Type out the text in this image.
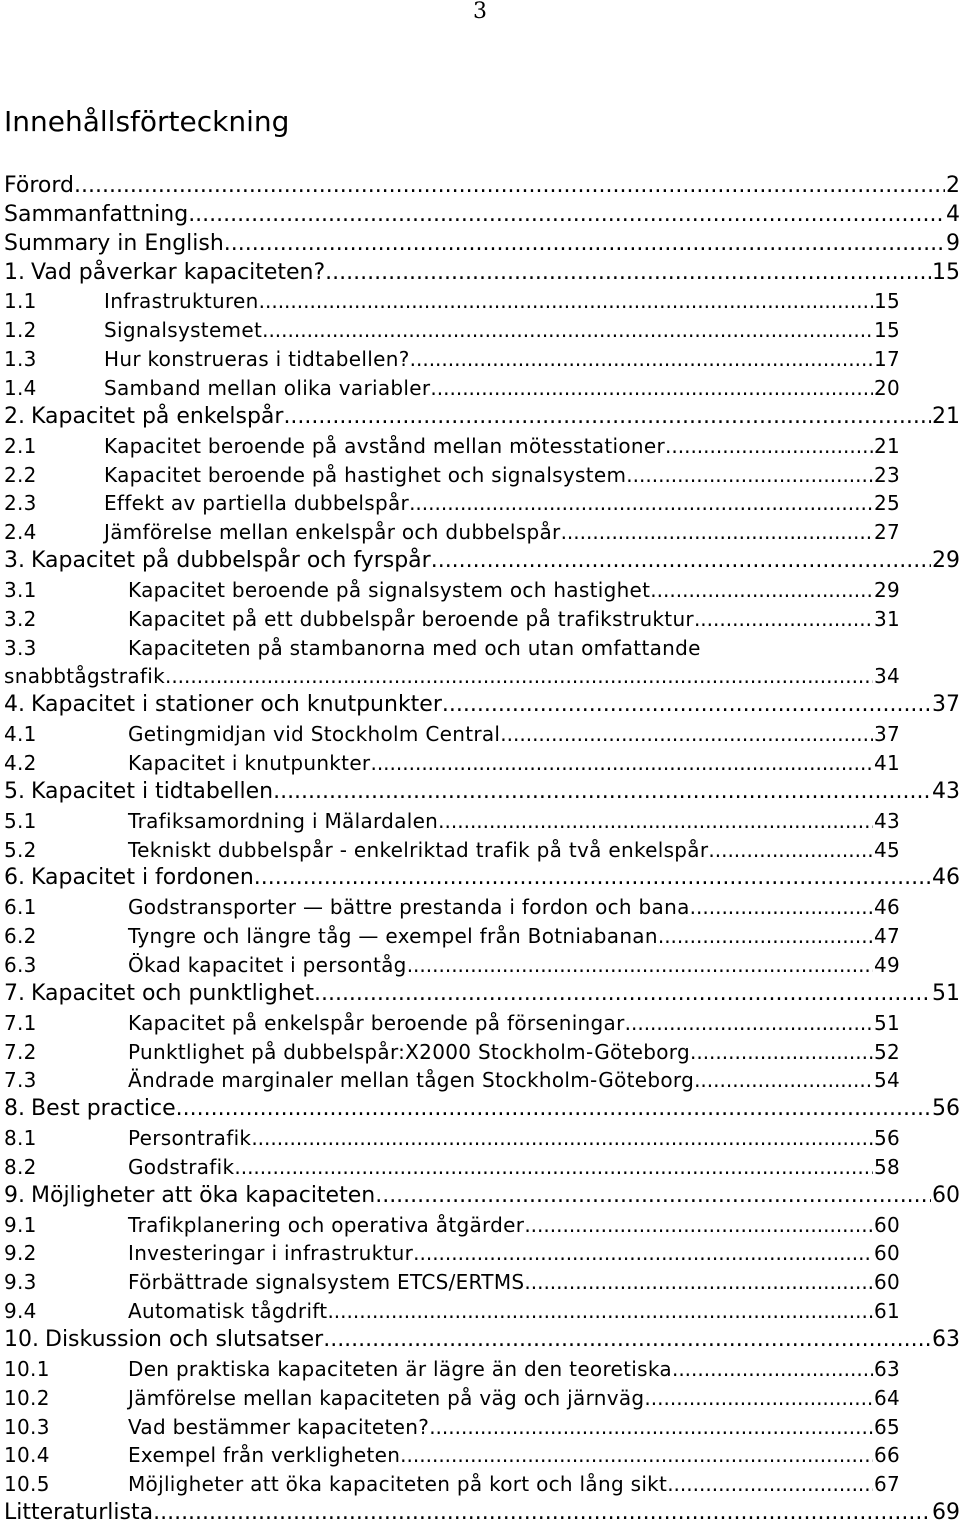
3
Innehållsförteckning
Förord .....	2
Sammanfattning .....	4
Summary in English .....	9
1. Vad påverkar kapaciteten? .....	15
1.1	Infrastrukturen .....	15
1.2	Signalsystemet .....	15
1.3	Hur konstrueras i tidtabellen? .....	17
1.4	Samband mellan olika variabler .....	20
2. Kapacitet på enkelspår .....	21
2.1	Kapacitet beroende på avstånd mellan mötesstationer .....	21
2.2	Kapacitet beroende på hastighet och signalsystem .....	23
2.3	Effekt av partiella dubbelspår .....	25
2.4	Jämförelse mellan enkelspår och dubbelspår .....	27
3. Kapacitet på dubbelspår och fyrspår .....	29
3.1	Kapacitet beroende på signalsystem och hastighet .....	29
3.2	Kapacitet på ett dubbelspår beroende på trafikstruktur .....	31
3.3	Kapaciteten på stambanorna med och utan omfattande
snabbtågstrafik .....	34
4. Kapacitet i stationer och knutpunkter .....	37
4.1	Getingmidjan vid Stockholm Central .....	37
4.2	Kapacitet i knutpunkter .....	41
5. Kapacitet i tidtabellen .....	43
5.1	Trafiksamordning i Mälardalen .....	43
5.2	Tekniskt dubbelspår - enkelriktad trafik på två enkelspår .....	45
6. Kapacitet i fordonen .....	46
6.1	Godstransporter — bättre prestanda i fordon och bana .....	46
6.2	Tyngre och längre tåg — exempel från Botniabanan .....	47
6.3	Ökad kapacitet i persontåg .....	49
7. Kapacitet och punktlighet .....	51
7.1	Kapacitet på enkelspår beroende på förseningar .....	51
7.2	Punktlighet på dubbelspår:X2000 Stockholm-Göteborg .....	52
7.3	Ändrade marginaler mellan tågen Stockholm-Göteborg .....	54
8. Best practice .....	56
8.1	Persontrafik .....	56
8.2	Godstrafik .....	58
9. Möjligheter att öka kapaciteten .....	60
9.1	Trafikplanering och operativa åtgärder .....	60
9.2	Investeringar i infrastruktur .....	60
9.3	Förbättrade signalsystem ETCS/ERTMS .....	60
9.4	Automatisk tågdrift .....	61
10. Diskussion och slutsatser .....	63
10.1	Den praktiska kapaciteten är lägre än den teoretiska .....	63
10.2	Jämförelse mellan kapaciteten på väg och järnväg .....	64
10.3	Vad bestämmer kapaciteten? .....	65
10.4	Exempel från verkligheten .....	66
10.5	Möjligheter att öka kapaciteten på kort och lång sikt .....	67
Litteraturlista .....	69
